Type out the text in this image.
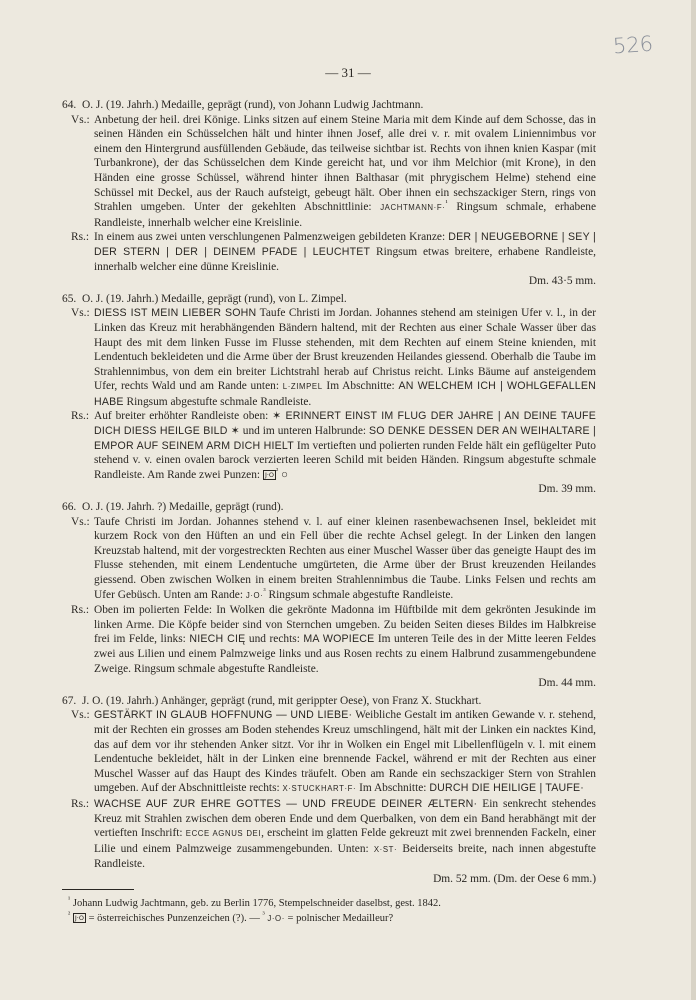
— 31 —
526
64. O. J. (19. Jahrh.) Medaille, geprägt (rund), von Johann Ludwig Jachtmann.
Vs.: Anbetung der heil. drei Könige. Links sitzen auf einem Steine Maria mit dem Kinde auf dem Schosse, das in seinen Händen ein Schüsselchen hält und hinter ihnen Josef, alle drei v. r. mit ovalem Liniennimbus vor einem den Hintergrund ausfüllenden Gebäude, das teilweise sichtbar ist. Rechts von ihnen knien Kaspar (mit Turbankrone), der das Schüsselchen dem Kinde gereicht hat, und vor ihm Melchior (mit Krone), in den Händen eine grosse Schüssel, während hinter ihnen Balthasar (mit phrygischem Helme) stehend eine Schüssel mit Deckel, aus der Rauch aufsteigt, gebeugt hält. Ober ihnen ein sechszackiger Stern, rings von Strahlen umgeben. Unter der gekehlten Abschnittlinie: JACHTMANN·F·$^{^1}$ Ringsum schmale, erhabene Randleiste, innerhalb welcher eine Kreislinie.
Rs.: In einem aus zwei unten verschlungenen Palmenzweigen gebildeten Kranze: DER | NEUGEBORNE | SEY | DER STERN | DER | DEINEM PFADE | LEUCHTET Ringsum etwas breitere, erhabene Randleiste, innerhalb welcher eine dünne Kreislinie.
Dm. 43·5 mm.
65. O. J. (19. Jahrh.) Medaille, geprägt (rund), von L. Zimpel.
Vs.: DIESS IST MEIN LIEBER SOHN Taufe Christi im Jordan. Johannes stehend am steinigen Ufer v. l., in der Linken das Kreuz mit herabhängenden Bändern haltend, mit der Rechten aus einer Schale Wasser über das Haupt des mit dem linken Fusse im Flusse stehenden, mit dem Rechten auf einem Steine knienden, mit Lendentuch bekleideten und die Arme über der Brust kreuzenden Heilandes giessend. Oberhalb die Taube im Strahlennimbus, von dem ein breiter Lichtstrahl herab auf Christus reicht. Links Bäume auf ansteigendem Ufer, rechts Wald und am Rande unten: L·ZIMPEL Im Abschnitte: AN WELCHEM ICH | WOHLGEFALLEN HABE Ringsum abgestufte schmale Randleiste.
Rs.: Auf breiter erhöhter Randleiste oben: ✶ ERINNERT EINST IM FLUG DER JAHRE | AN DEINE TAUFE DICH DIESS HEILGE BILD ✶ und im unteren Halbrunde: SO DENKE DESSEN DER AN WEIHALTARE | EMPOR AUF SEINEM ARM DICH HIELT Im vertieften und polierten runden Felde hält ein geflügelter Puto stehend v. v. einen ovalen barock verzierten leeren Schild mit beiden Händen. Ringsum abgestufte schmale Randleiste. Am Rande zwei Punzen: J·O $^{^2}$ ○
Dm. 39 mm.
66. O. J. (19. Jahrh. ?) Medaille, geprägt (rund).
Vs.: Taufe Christi im Jordan. Johannes stehend v. l. auf einer kleinen rasenbewachsenen Insel, bekleidet mit kurzem Rock von den Hüften an und ein Fell über die rechte Achsel gelegt. In der Linken den langen Kreuzstab haltend, mit der vorgestreckten Rechten aus einer Muschel Wasser über das geneigte Haupt des im Flusse stehenden, mit einem Lendentuche umgürteten, die Arme über der Brust kreuzenden Heilandes giessend. Oben zwischen Wolken in einem breiten Strahlennimbus die Taube. Links Felsen und rechts am Ufer Gebüsch. Unten am Rande: J·O·$^{^3}$ Ringsum schmale abgestufte Randleiste.
Rs.: Oben im polierten Felde: In Wolken die gekrönte Madonna im Hüftbilde mit dem gekrönten Jesukinde im linken Arme. Die Köpfe beider sind von Sternchen umgeben. Zu beiden Seiten dieses Bildes im Halbkreise frei im Felde, links: NIECH CIĘ und rechts: MA WOPIECE Im unteren Teile des in der Mitte leeren Feldes zwei aus Lilien und einem Palmzweige links und aus Rosen rechts zu einem Halbrund zusammengebundene Zweige. Ringsum schmale abgestufte Randleiste.
Dm. 44 mm.
67. J. O. (19. Jahrh.) Anhänger, geprägt (rund, mit gerippter Oese), von Franz X. Stuckhart.
Vs.: GESTÄRKT IN GLAUB HOFFNUNG — UND LIEBE· Weibliche Gestalt im antiken Gewande v. r. stehend, mit der Rechten ein grosses am Boden stehendes Kreuz umschlingend, hält mit der Linken ein nacktes Kind, das auf dem vor ihr stehenden Anker sitzt. Vor ihr in Wolken ein Engel mit Libellenflügeln v. l. mit einem Lendentuche bekleidet, hält in der Linken eine brennende Fackel, während er mit der Rechten aus einer Muschel Wasser auf das Haupt des Kindes träufelt. Oben am Rande ein sechszackiger Stern von Strahlen umgeben. Auf der Abschnittleiste rechts: X·STUCKHART·F· Im Abschnitte: DURCH DIE HEILIGE | TAUFE·
Rs.: WACHSE AUF ZUR EHRE GOTTES — UND FREUDE DEINER ÆLTERN· Ein senkrecht stehendes Kreuz mit Strahlen zwischen dem oberen Ende und dem Querbalken, von dem ein Band herabhängt mit der vertieften Inschrift: ECCE AGNUS DEI, erscheint im glatten Felde gekreuzt mit zwei brennenden Fackeln, einer Lilie und einem Palmzweige zusammengebunden. Unten: X·ST· Beiderseits breite, nach innen abgestufte Randleiste.
Dm. 52 mm. (Dm. der Oese 6 mm.)
$^{^1}$ Johann Ludwig Jachtmann, geb. zu Berlin 1776, Stempelschneider daselbst, gest. 1842.
$^{^2}$ J·O = österreichisches Punzenzeichen (?). — $^{^3}$ J·O· = polnischer Medailleur?
